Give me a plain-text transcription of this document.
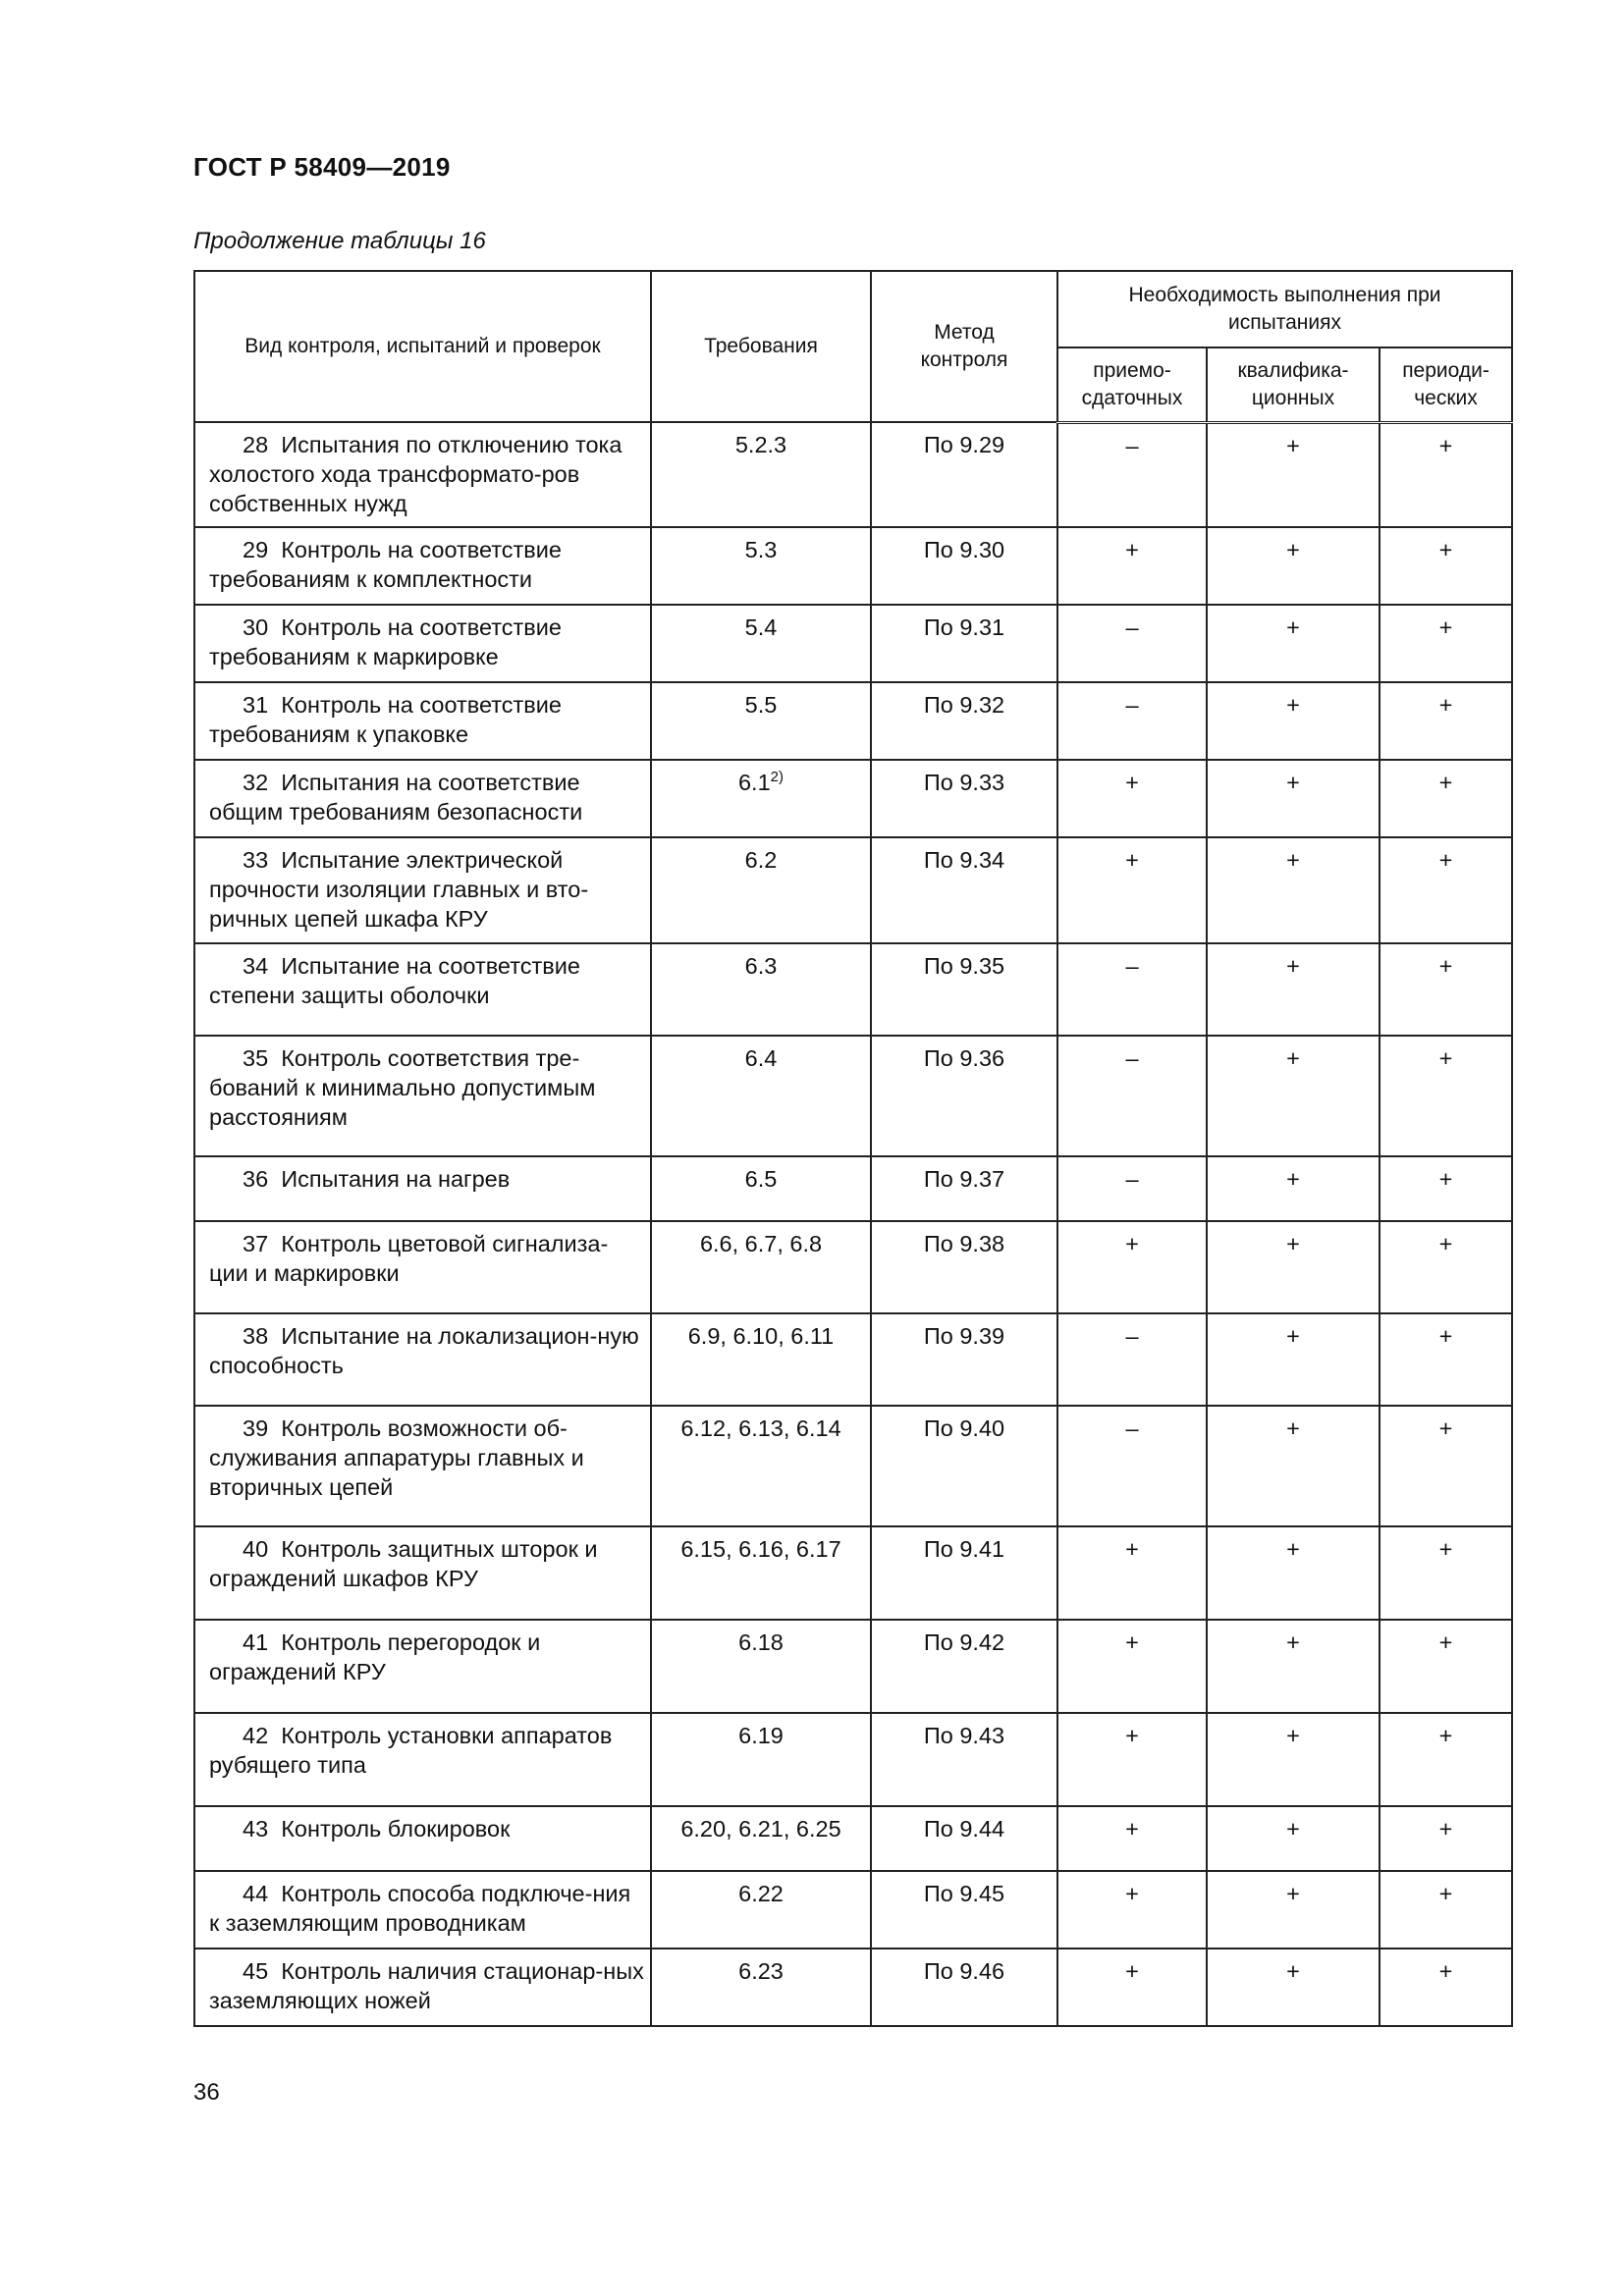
ГОСТ Р 58409—2019
Продолжение таблицы 16
Вид контроля, испытаний и проверок	Требования	Метод контроля	Необходимость выполнения при испытаниях		
			приемо-сдаточных	квалифика-ционных	периоди-ческих
28 Испытания по отключению тока холостого хода трансформато-ров собственных нужд	5.2.3	По 9.29	–	+	+
29 Контроль на соответствие требованиям к комплектности	5.3	По 9.30	+	+	+
30 Контроль на соответствие требованиям к маркировке	5.4	По 9.31	–	+	+
31 Контроль на соответствие требованиям к упаковке	5.5	По 9.32	–	+	+
32 Испытания на соответствие общим требованиям безопасности	6.1$^{2)}$	По 9.33	+	+	+
33 Испытание электрической прочности изоляции главных и вто-ричных цепей шкафа КРУ	6.2	По 9.34	+	+	+
34 Испытание на соответствие степени защиты оболочки	6.3	По 9.35	–	+	+
35 Контроль соответствия тре-бований к минимально допустимым расстояниям	6.4	По 9.36	–	+	+
36 Испытания на нагрев	6.5	По 9.37	–	+	+
37 Контроль цветовой сигнализа-ции и маркировки	6.6, 6.7, 6.8	По 9.38	+	+	+
38 Испытание на локализацион-ную способность	6.9, 6.10, 6.11	По 9.39	–	+	+
39 Контроль возможности об-служивания аппаратуры главных и вторичных цепей	6.12, 6.13, 6.14	По 9.40	–	+	+
40 Контроль защитных шторок и ограждений шкафов КРУ	6.15, 6.16, 6.17	По 9.41	+	+	+
41 Контроль перегородок и ограждений КРУ	6.18	По 9.42	+	+	+
42 Контроль установки аппаратов рубящего типа	6.19	По 9.43	+	+	+
43 Контроль блокировок	6.20, 6.21, 6.25	По 9.44	+	+	+
44 Контроль способа подключе-ния к заземляющим проводникам	6.22	По 9.45	+	+	+
45 Контроль наличия стационар-ных заземляющих ножей	6.23	По 9.46	+	+	+
36
